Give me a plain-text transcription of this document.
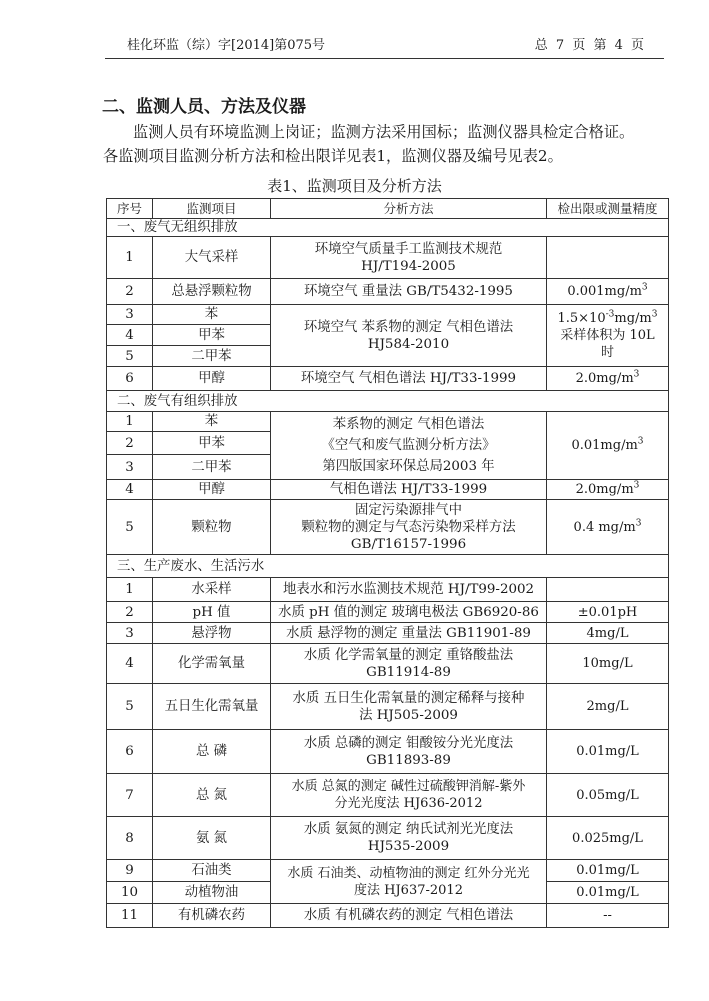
桂化环监（综）字[2014]第075号	总 7 页 第 4 页
二、监测人员、方法及仪器
监测人员有环境监测上岗证；监测方法采用国标；监测仪器具检定合格证。
各监测项目监测分析方法和检出限详见表1，监测仪器及编号见表2。
表1、监测项目及分析方法
序号	监测项目	分析方法	检出限或测量精度
一、废气无组织排放			
1	大气采样	环境空气质量手工监测技术规范
HJ/T194-2005	
2	总悬浮颗粒物	环境空气 重量法 GB/T5432-1995	$0.001mg/m^3$
3	苯	环境空气 苯系物的测定 气相色谱法
HJ584-2010	$1.5\times 10^{-3}mg/m^3$
采样体积为 10L
时
4	甲苯		
5	二甲苯		
6	甲醇	环境空气 气相色谱法 HJ/T33-1999	$2.0mg/m^3$
二、废气有组织排放			
1	苯	苯系物的测定 气相色谱法
《空气和废气监测分析方法》
第四版国家环保总局2003 年	$0.01mg/m^3$
2	甲苯		
3	二甲苯		
4	甲醇	气相色谱法 HJ/T33-1999	$2.0mg/m^3$
5	颗粒物	固定污染源排气中
颗粒物的测定与气态污染物采样方法
GB/T16157-1996	0.4 $mg/m^3$
三、生产废水、生活污水			
1	水采样	地表水和污水监测技术规范 HJ/T99-2002	
2	pH 值	水质 pH 值的测定 玻璃电极法 GB6920-86	±0.01pH
3	悬浮物	水质 悬浮物的测定 重量法 GB11901-89	4mg/L
4	化学需氧量	水质 化学需氧量的测定 重铬酸盐法
GB11914-89	10mg/L
5	五日生化需氧量	水质 五日生化需氧量的测定稀释与接种
法 HJ505-2009	2mg/L
6	总 磷	水质 总磷的测定 钼酸铵分光光度法
GB11893-89	0.01mg/L
7	总 氮	水质 总氮的测定 碱性过硫酸钾消解-紫外
分光光度法 HJ636-2012	0.05mg/L
8	氨 氮	水质 氨氮的测定 纳氏试剂光光度法
HJ535-2009	0.025mg/L
9	石油类	水质 石油类、动植物油的测定 红外分光光
度法 HJ637-2012	0.01mg/L
10	动植物油		0.01mg/L
11	有机磷农药	水质 有机磷农药的测定 气相色谱法	--
